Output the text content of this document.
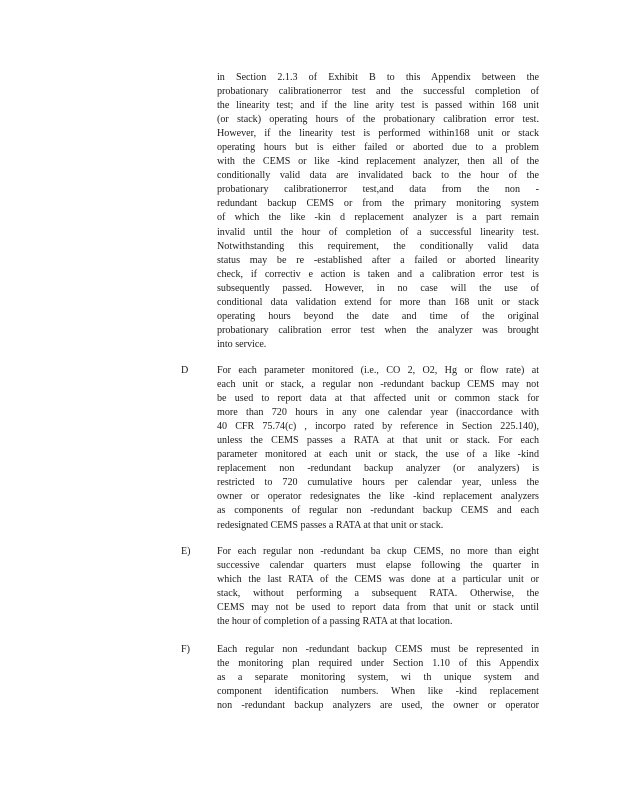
in Section 2.1.3 of Exhibit B to this Appendix between the
probationary calibrationerror test and the successful completion of
the linearity test; and if the line arity test is passed within 168 unit
(or stack) operating hours of the probationary calibration error test.
However, if the linearity test is performed within168 unit or stack
operating hours but is either failed or aborted due to a problem
with the CEMS or like -kind replacement analyzer, then all of the
conditionally valid data are invalidated back to the hour of the
probationary calibrationerror test,and data from the non -
redundant backup CEMS or from the primary monitoring system
of which the like -kin d replacement analyzer is a part remain
invalid until the hour of completion of a successful linearity test.
Notwithstanding this requirement, the conditionally valid data
status may be re -established after a failed or aborted linearity
check, if correctiv e action is taken and a calibration error test is
subsequently passed. However, in no case will the use of
conditional data validation extend for more than 168 unit or stack
operating hours beyond the date and time of the original
probationary calibration error test when the analyzer was brought
into service.
D	For each parameter monitored (i.e., CO 2, O2, Hg or flow rate) at
each unit or stack, a regular non -redundant backup CEMS may not
be used to report data at that affected unit or common stack for
more than 720 hours in any one calendar year (inaccordance with
40 CFR 75.74(c) , incorpo rated by reference in Section 225.140),
unless the CEMS passes a RATA at that unit or stack. For each
parameter monitored at each unit or stack, the use of a like -kind
replacement non -redundant backup analyzer (or analyzers) is
restricted to 720 cumulative hours per calendar year, unless the
owner or operator redesignates the like -kind replacement analyzers
as components of regular non -redundant backup CEMS and each
redesignated CEMS passes a RATA at that unit or stack.
E)	For each regular non -redundant ba ckup CEMS, no more than eight
successive calendar quarters must elapse following the quarter in
which the last RATA of the CEMS was done at a particular unit or
stack, without performing a subsequent RATA. Otherwise, the
CEMS may not be used to report data from that unit or stack until
the hour of completion of a passing RATA at that location.
F)	Each regular non -redundant backup CEMS must be represented in
the monitoring plan required under Section 1.10 of this Appendix
as a separate monitoring system, wi th unique system and
component identification numbers. When like -kind replacement
non -redundant backup analyzers are used, the owner or operator
